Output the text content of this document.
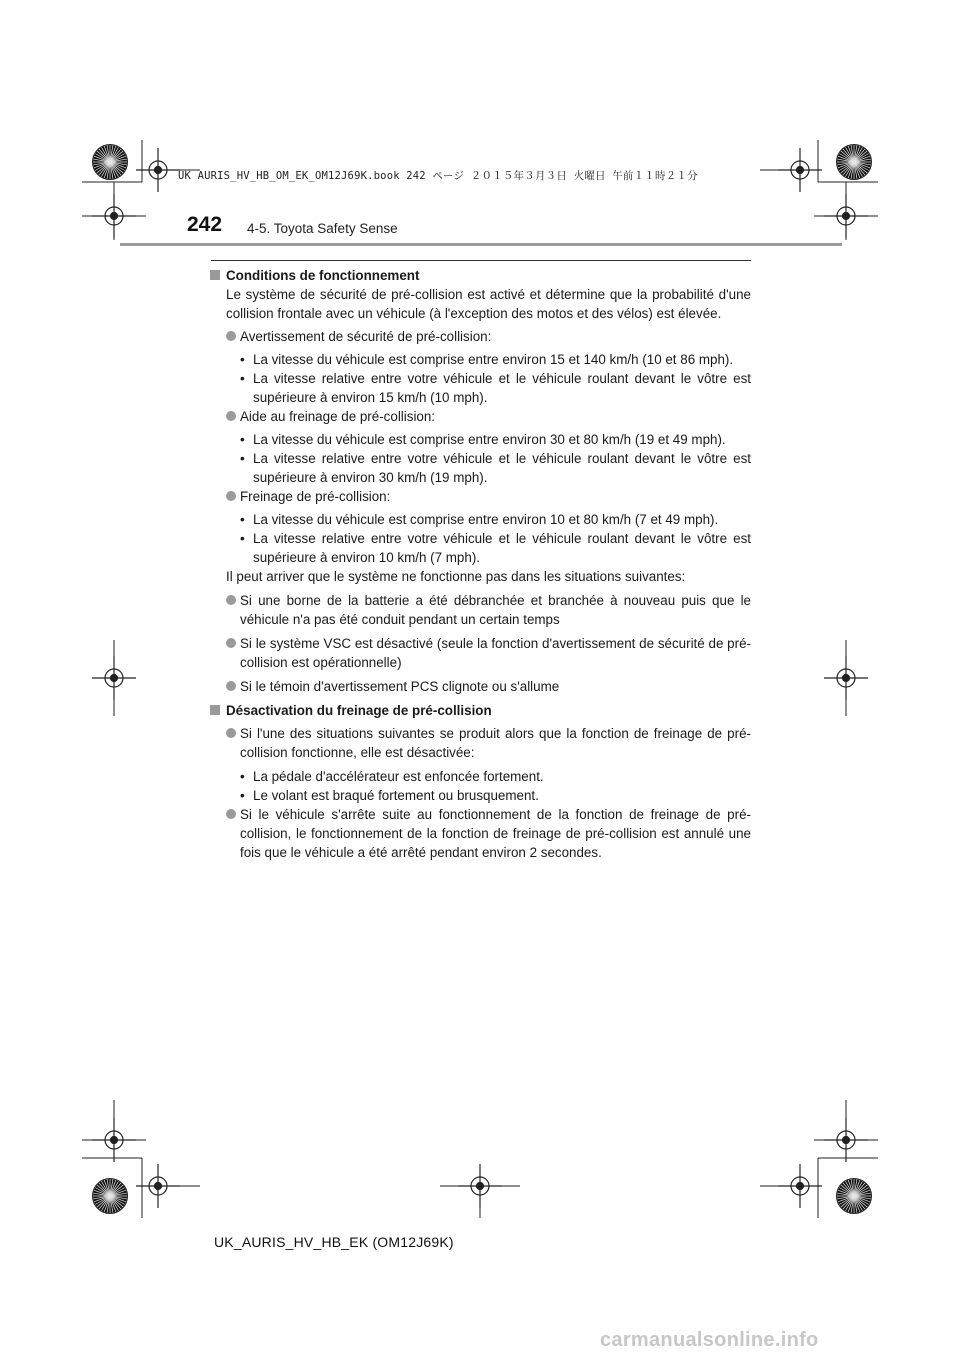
UK AURIS_HV_HB_OM_EK_OM12J69K.book 242 ページ ２０１５年３月３日 火曜日 午前１１時２１分
242 4-5. Toyota Safety Sense

Conditions de fonctionnement

Le système de sécurité de pré-collision est activé et détermine que la probabilité d'une collision frontale avec un véhicule (à l'exception des motos et des vélos) est élevée.

Avertissement de sécurité de pré-collision:

• La vitesse du véhicule est comprise entre environ 15 et 140 km/h (10 et 86 mph).

• La vitesse relative entre votre véhicule et le véhicule roulant devant le vôtre est supérieure à environ 15 km/h (10 mph).

Aide au freinage de pré-collision:

• La vitesse du véhicule est comprise entre environ 30 et 80 km/h (19 et 49 mph).

• La vitesse relative entre votre véhicule et le véhicule roulant devant le vôtre est supérieure à environ 30 km/h (19 mph).

Freinage de pré-collision:

• La vitesse du véhicule est comprise entre environ 10 et 80 km/h (7 et 49 mph).

• La vitesse relative entre votre véhicule et le véhicule roulant devant le vôtre est supérieure à environ 10 km/h (7 mph).

Il peut arriver que le système ne fonctionne pas dans les situations suivantes:

Si une borne de la batterie a été débranchée et branchée à nouveau puis que le véhicule n'a pas été conduit pendant un certain temps

Si le système VSC est désactivé (seule la fonction d'avertissement de sécurité de pré-collision est opérationnelle)

Si le témoin d'avertissement PCS clignote ou s'allume

Désactivation du freinage de pré-collision

Si l'une des situations suivantes se produit alors que la fonction de freinage de pré-collision fonctionne, elle est désactivée:

• La pédale d'accélérateur est enfoncée fortement.

• Le volant est braqué fortement ou brusquement.

Si le véhicule s'arrête suite au fonctionnement de la fonction de freinage de pré-collision, le fonctionnement de la fonction de freinage de pré-collision est annulé une fois que le véhicule a été arrêté pendant environ 2 secondes.

UK_AURIS_HV_HB_EK (OM12J69K)
carmanualsonline.info
